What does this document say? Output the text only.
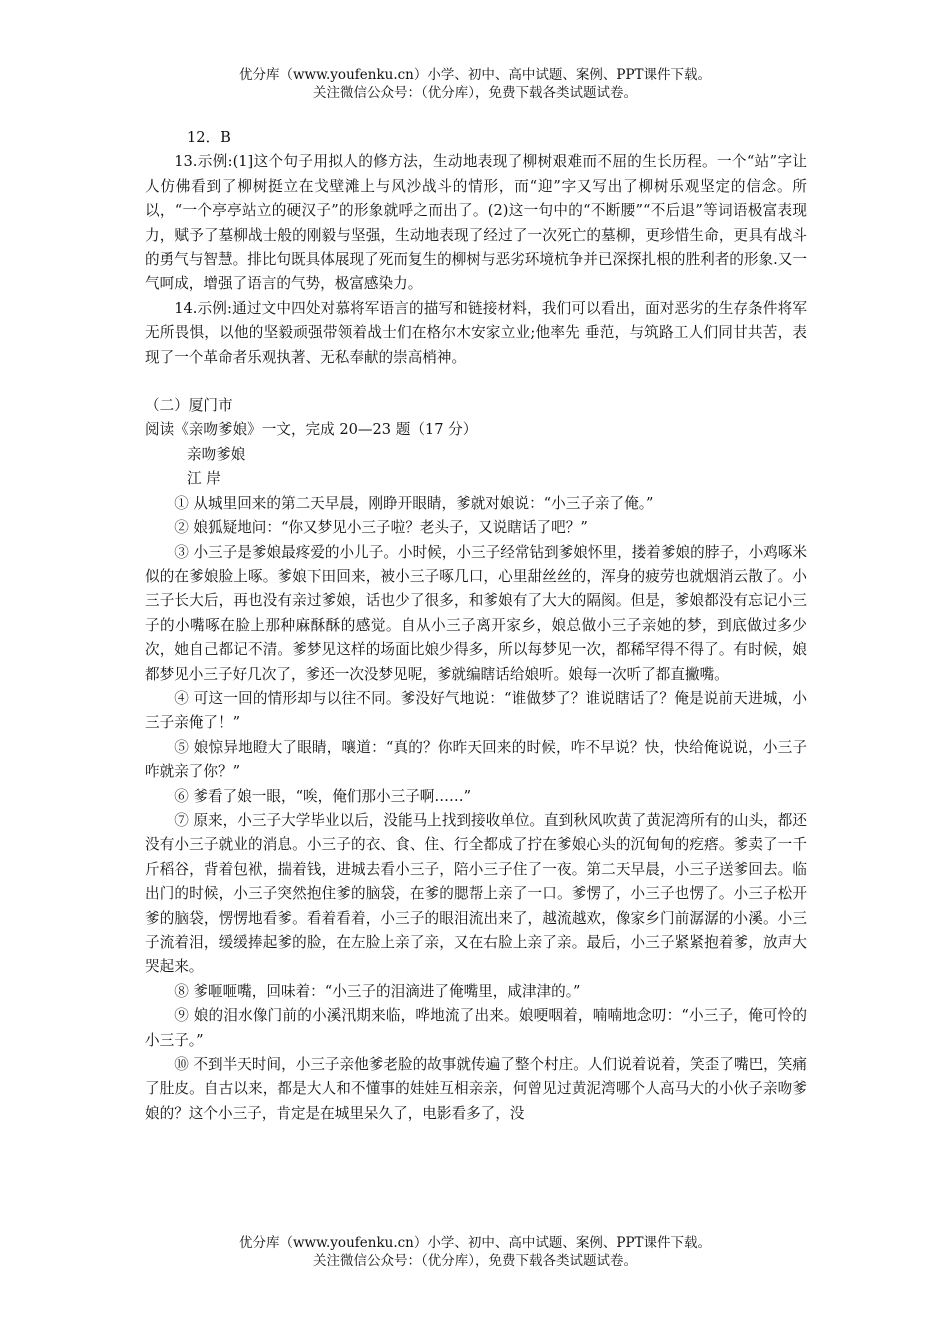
优分库（www.youfenku.cn）小学、初中、高中试题、案例、PPT课件下载。
关注微信公众号：（优分库），免费下载各类试题试卷。

12．B

13.示例:(1]这个句子用拟人的修方法，生动地表现了柳树艰难而不屈的生长历程。一个“站”字让人仿佛看到了柳树挺立在戈壁滩上与风沙战斗的情形，而“迎”字又写出了柳树乐观坚定的信念。所以，“一个亭亭站立的硬汉子”的形象就呼之而出了。(2)这一句中的“不断腰”“不后退”等词语极富表现力，赋予了墓柳战士般的刚毅与坚强，生动地表现了经过了一次死亡的墓柳，更珍惜生命，更具有战斗的勇气与智慧。排比句既具体展现了死而复生的柳树与恶劣环境杭争并已深探扎根的胜利者的形象.又一气呵成，增强了语言的气势，极富感染力。

14.示例:通过文中四处对慕将军语言的描写和链接材料，我们可以看出，面对恶劣的生存条件将军无所畏惧，以他的坚毅顽强带领着战士们在格尔木安家立业;他率先 垂范，与筑路工人们同甘共苦，表现了一个革命者乐观执著、无私奉献的崇高梢神。

（二）厦门市

阅读《亲吻爹娘》一文，完成 20—23 题（17 分）

亲吻爹娘

江 岸

① 从城里回来的第二天早晨，刚睁开眼睛，爹就对娘说：“小三子亲了俺。”

② 娘狐疑地问：“你又梦见小三子啦？老头子，又说瞎话了吧？”

③ 小三子是爹娘最疼爱的小儿子。小时候，小三子经常钻到爹娘怀里，搂着爹娘的脖子，小鸡啄米似的在爹娘脸上啄。爹娘下田回来，被小三子啄几口，心里甜丝丝的，浑身的疲劳也就烟消云散了。小三子长大后，再也没有亲过爹娘，话也少了很多，和爹娘有了大大的隔阂。但是，爹娘都没有忘记小三子的小嘴啄在脸上那种麻酥酥的感觉。自从小三子离开家乡，娘总做小三子亲她的梦，到底做过多少次，她自己都记不清。爹梦见这样的场面比娘少得多，所以每梦见一次，都稀罕得不得了。有时候，娘都梦见小三子好几次了，爹还一次没梦见呢，爹就编瞎话给娘听。娘每一次听了都直撇嘴。

④ 可这一回的情形却与以往不同。爹没好气地说：“谁做梦了？谁说瞎话了？俺是说前天进城，小三子亲俺了！”

⑤ 娘惊异地瞪大了眼睛，嚷道：“真的？你昨天回来的时候，咋不早说？快，快给俺说说，小三子咋就亲了你？”

⑥ 爹看了娘一眼，“唉，俺们那小三子啊……”

⑦ 原来，小三子大学毕业以后，没能马上找到接收单位。直到秋风吹黄了黄泥湾所有的山头，都还没有小三子就业的消息。小三子的衣、食、住、行全都成了拧在爹娘心头的沉甸甸的疙瘩。爹卖了一千斤稻谷，背着包袱，揣着钱，进城去看小三子，陪小三子住了一夜。第二天早晨，小三子送爹回去。临出门的时候，小三子突然抱住爹的脑袋，在爹的腮帮上亲了一口。爹愣了，小三子也愣了。小三子松开爹的脑袋，愣愣地看爹。看着看着，小三子的眼泪流出来了，越流越欢，像家乡门前潺潺的小溪。小三子流着泪，缓缓捧起爹的脸，在左脸上亲了亲，又在右脸上亲了亲。最后，小三子紧紧抱着爹，放声大哭起来。

⑧ 爹咂咂嘴，回味着：“小三子的泪滴进了俺嘴里，咸津津的。”

⑨ 娘的泪水像门前的小溪汛期来临，哗地流了出来。娘哽咽着，喃喃地念叨：“小三子，俺可怜的小三子。”

⑩ 不到半天时间，小三子亲他爹老脸的故事就传遍了整个村庄。人们说着说着，笑歪了嘴巴，笑痛了肚皮。自古以来，都是大人和不懂事的娃娃互相亲亲，何曾见过黄泥湾哪个人高马大的小伙子亲吻爹娘的？这个小三子，肯定是在城里呆久了，电影看多了，没

优分库（www.youfenku.cn）小学、初中、高中试题、案例、PPT课件下载。
关注微信公众号：（优分库），免费下载各类试题试卷。
